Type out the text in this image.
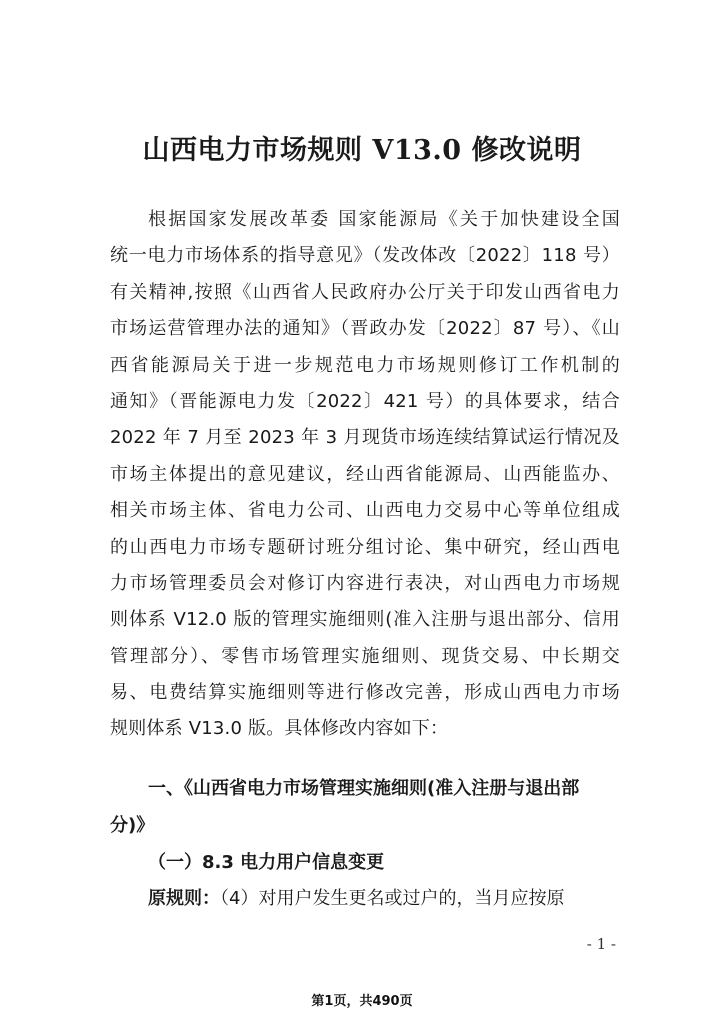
山西电力市场规则 V13.0 修改说明
根据国家发展改革委 国家能源局《关于加快建设全国
统一电力市场体系的指导意见》（发改体改〔2022〕118 号）
有关精神,按照《山西省人民政府办公厅关于印发山西省电力
市场运营管理办法的通知》（晋政办发〔2022〕87 号）、《山
西省能源局关于进一步规范电力市场规则修订工作机制的
通知》（晋能源电力发〔2022〕421 号）的具体要求，结合
2022 年 7 月至 2023 年 3 月现货市场连续结算试运行情况及
市场主体提出的意见建议，经山西省能源局、山西能监办、
相关市场主体、省电力公司、山西电力交易中心等单位组成
的山西电力市场专题研讨班分组讨论、集中研究，经山西电
力市场管理委员会对修订内容进行表决，对山西电力市场规
则体系 V12.0 版的管理实施细则(准入注册与退出部分、信用
管理部分）、零售市场管理实施细则、现货交易、中长期交
易、电费结算实施细则等进行修改完善，形成山西电力市场
规则体系 V13.0 版。具体修改内容如下：
一、《山西省电力市场管理实施细则(准入注册与退出部
分)》
（一）8.3 电力用户信息变更
原规则：（4）对用户发生更名或过户的，当月应按原
- 1 -
第1页，共490页
